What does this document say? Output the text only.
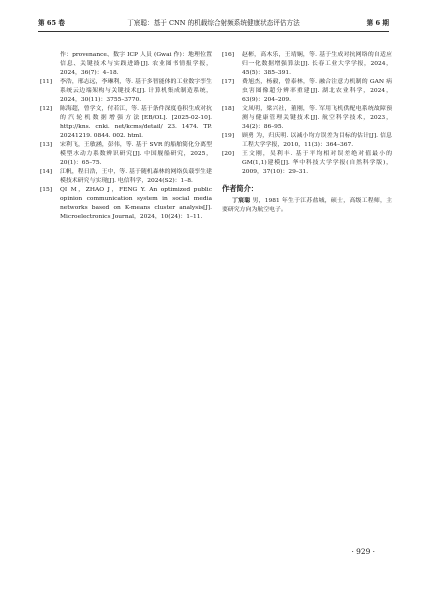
第 65 卷	丁宸聪：基于 CNN 的机载综合射频系统健康状态评估方法	第 6 期
作：provenance、数字 ICP 人员 (Gwai 作)：地理位置信息、关键技术与实践进路[J]. 农业图书情报学报，2024，36(7)：4–18.
[11]	李浩，邢志远，李琳利，等. 基于多智能体的工业数字孪生系统云边端架构与关键技术[J]. 计算机集成制造系统，2024，30(11)：3755–3770.
[12]	陈海超，曾学文，付若江，等. 基于条件深度卷积生成对抗的汽轮机数据增强方法[EB/OL]. [2025-02-10]. http://kns. cnki. net/kcms/detail/ 23. 1474. TP. 20241219. 0844. 002. html.
[13]	宋利飞，王敏涵，彭伟，等. 基于 SVR 的船舶简化分离型模型水动力系数辨识研究[J]. 中国舰船研究，2025，20(1)：65–75.
[14]	江帆，程日浩，王中，等. 基于随机森林的网络负载孪生建模技术研究与实现[J]. 电信科学，2024(S2)：1–8.
[15]	QI M，ZHAO J，FENG Y. An optimized public opinion communication system in social media networks based on K-means cluster analysis[J]. Microelectronics Journal，2024，10(24)：1–11.
[16]	赵彬，高木乐，王靖娴，等. 基于生成对抗网络的自适应归一化数据增强算法[J]. 长春工业大学学报，2024，45(5)：385–391.
[17]	费旭杰，杨毅，曾泰林，等. 融合注意力机制的 GAN 病虫害图像超分辨率重建[J]. 湖北农业科学，2024，63(9)：204–209.
[18]	文凤明，梁兴社，董刚，等. 军用飞机供配电系统故障预测与健康管理关键技术[J]. 航空科学技术，2023，34(2)：86–95.
[19]	顾勇 为，归庆明. 以减小均方误差为目标的估计[J]. 信息工程大学学报，2010，11(3)：364–367.
[20]	王文刚，吴利丰. 基于平均相对误差绝对值最小的 GM(1,1)建模[J]. 华中科技大学学报(自然科学版)，2009，37(10)：29–31.
作者简介：
丁宸聪 男，1981 年生于江苏盐城，硕士，高级工程师，主要研究方向为航空电子。
· 929 ·
